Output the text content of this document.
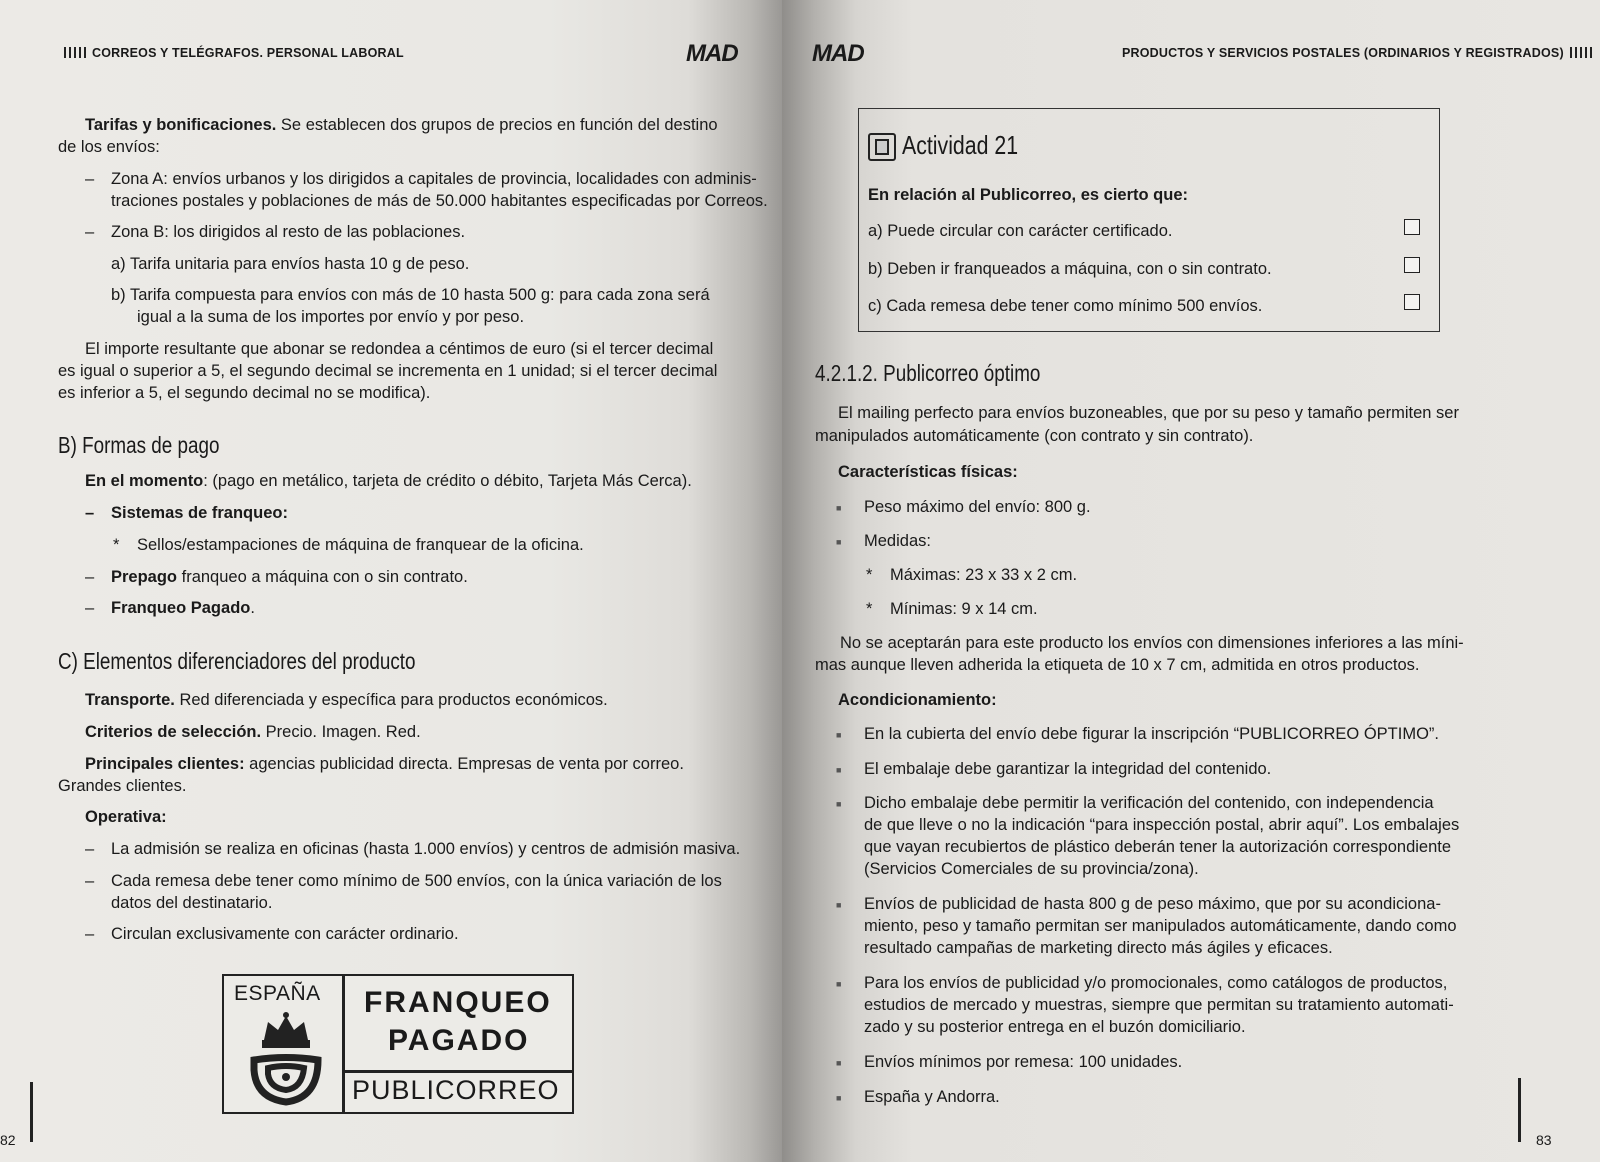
CORREOS Y TELÉGRAFOS. PERSONAL LABORAL	MAD
Tarifas y bonificaciones. Se establecen dos grupos de precios en función del destino
de los envíos:
– Zona A: envíos urbanos y los dirigidos a capitales de provincia, localidades con adminis-
traciones postales y poblaciones de más de 50.000 habitantes especificadas por Correos.
– Zona B: los dirigidos al resto de las poblaciones.
a) Tarifa unitaria para envíos hasta 10 g de peso.
b) Tarifa compuesta para envíos con más de 10 hasta 500 g: para cada zona será
igual a la suma de los importes por envío y por peso.
El importe resultante que abonar se redondea a céntimos de euro (si el tercer decimal
es igual o superior a 5, el segundo decimal se incrementa en 1 unidad; si el tercer decimal
es inferior a 5, el segundo decimal no se modifica).
B) Formas de pago
En el momento: (pago en metálico, tarjeta de crédito o débito, Tarjeta Más Cerca).
– Sistemas de franqueo:
* Sellos/estampaciones de máquina de franquear de la oficina.
– Prepago franqueo a máquina con o sin contrato.
– Franqueo Pagado.
C) Elementos diferenciadores del producto
Transporte. Red diferenciada y específica para productos económicos.
Criterios de selección. Precio. Imagen. Red.
Principales clientes: agencias publicidad directa. Empresas de venta por correo.
Grandes clientes.
Operativa:
– La admisión se realiza en oficinas (hasta 1.000 envíos) y centros de admisión masiva.
– Cada remesa debe tener como mínimo de 500 envíos, con la única variación de los
datos del destinatario.
– Circulan exclusivamente con carácter ordinario.
ESPAÑA FRANQUEO
PAGADO
PUBLICORREO
82
MAD	PRODUCTOS Y SERVICIOS POSTALES (ORDINARIOS Y REGISTRADOS)
Actividad 21
En relación al Publicorreo, es cierto que:
a) Puede circular con carácter certificado.
b) Deben ir franqueados a máquina, con o sin contrato.
c) Cada remesa debe tener como mínimo 500 envíos.
4.2.1.2. Publicorreo óptimo
El mailing perfecto para envíos buzoneables, que por su peso y tamaño permiten ser
manipulados automáticamente (con contrato y sin contrato).
Características físicas:
■ Peso máximo del envío: 800 g.
■ Medidas:
* Máximas: 23 x 33 x 2 cm.
* Mínimas: 9 x 14 cm.
No se aceptarán para este producto los envíos con dimensiones inferiores a las míni-
mas aunque lleven adherida la etiqueta de 10 x 7 cm, admitida en otros productos.
Acondicionamiento:
■ En la cubierta del envío debe figurar la inscripción “PUBLICORREO ÓPTIMO”.
■ El embalaje debe garantizar la integridad del contenido.
■ Dicho embalaje debe permitir la verificación del contenido, con independencia
de que lleve o no la indicación “para inspección postal, abrir aquí”. Los embalajes
que vayan recubiertos de plástico deberán tener la autorización correspondiente
(Servicios Comerciales de su provincia/zona).
■ Envíos de publicidad de hasta 800 g de peso máximo, que por su acondiciona-
miento, peso y tamaño permitan ser manipulados automáticamente, dando como
resultado campañas de marketing directo más ágiles y eficaces.
■ Para los envíos de publicidad y/o promocionales, como catálogos de productos,
estudios de mercado y muestras, siempre que permitan su tratamiento automati-
zado y su posterior entrega en el buzón domiciliario.
■ Envíos mínimos por remesa: 100 unidades.
■ España y Andorra.
83
